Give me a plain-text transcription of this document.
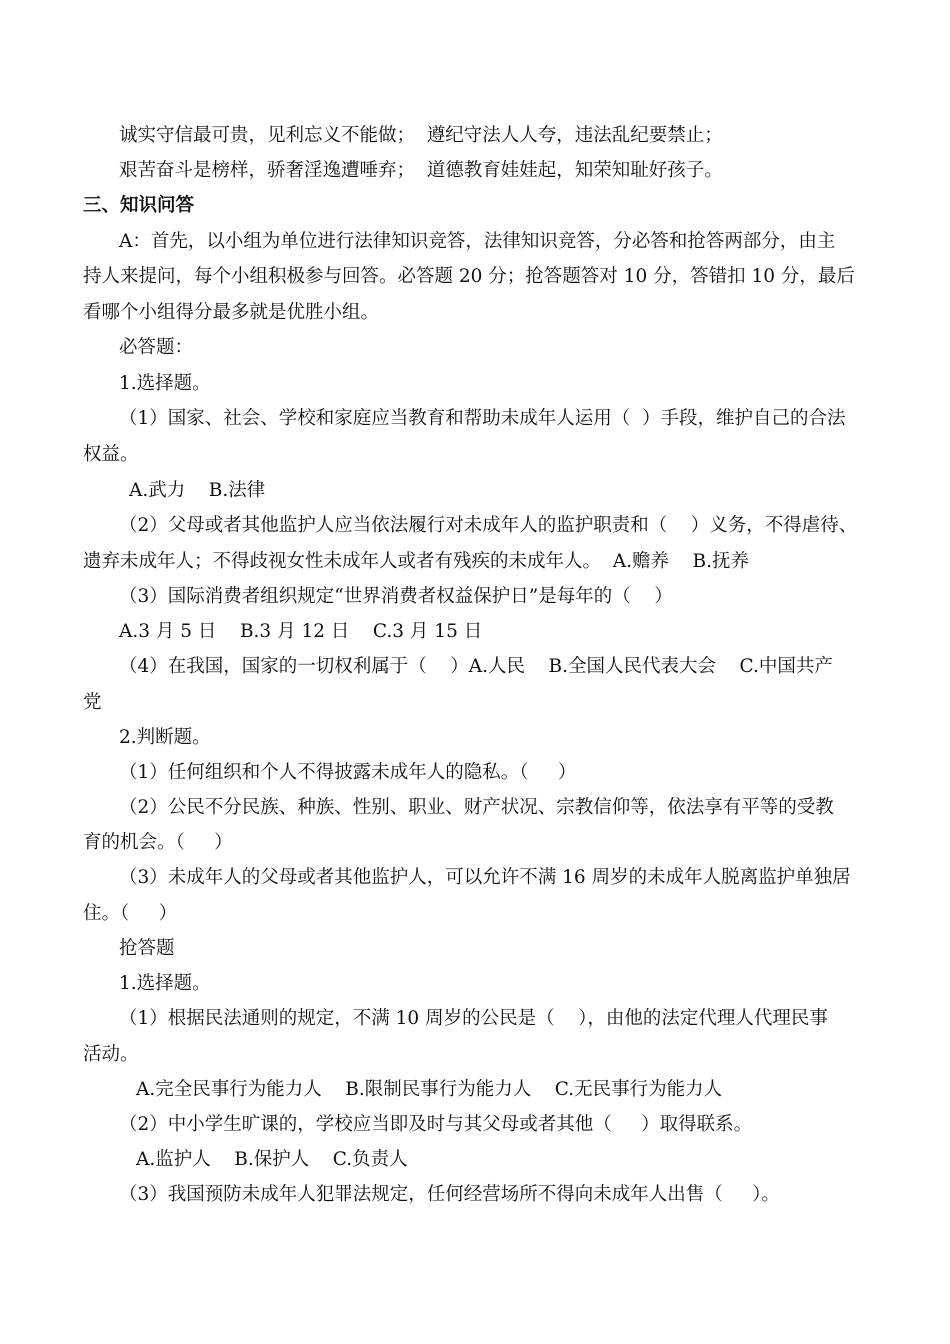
诚实守信最可贵，见利忘义不能做；  遵纪守法人人夸，违法乱纪要禁止；
艰苦奋斗是榜样，骄奢淫逸遭唾弃；  道德教育娃娃起，知荣知耻好孩子。
三、知识问答
A：首先，以小组为单位进行法律知识竞答，法律知识竞答，分必答和抢答两部分，由主
持人来提问，每个小组积极参与回答。必答题 20 分；抢答题答对 10 分，答错扣 10 分，最后
看哪个小组得分最多就是优胜小组。
必答题：
1.选择题。
（1）国家、社会、学校和家庭应当教育和帮助未成年人运用（  ）手段，维护自己的合法
权益。
A.武力    B.法律
（2）父母或者其他监护人应当依法履行对未成年人的监护职责和（    ）义务，不得虐待、
遗弃未成年人；不得歧视女性未成年人或者有残疾的未成年人。  A.赡养    B.抚养
（3）国际消费者组织规定“世界消费者权益保护日”是每年的（    ）
A.3 月 5 日    B.3 月 12 日    C.3 月 15 日
（4）在我国，国家的一切权利属于（    ）A.人民    B.全国人民代表大会    C.中国共产
党
2.判断题。
（1）任何组织和个人不得披露未成年人的隐私。（     ）
（2）公民不分民族、种族、性别、职业、财产状况、宗教信仰等，依法享有平等的受教
育的机会。（     ）
（3）未成年人的父母或者其他监护人，可以允许不满 16 周岁的未成年人脱离监护单独居
住。（     ）
抢答题
1.选择题。
（1）根据民法通则的规定，不满 10 周岁的公民是（    ），由他的法定代理人代理民事
活动。
A.完全民事行为能力人    B.限制民事行为能力人    C.无民事行为能力人
（2）中小学生旷课的，学校应当即及时与其父母或者其他（     ）取得联系。
A.监护人    B.保护人    C.负责人
（3）我国预防未成年人犯罪法规定，任何经营场所不得向未成年人出售（     ）。
